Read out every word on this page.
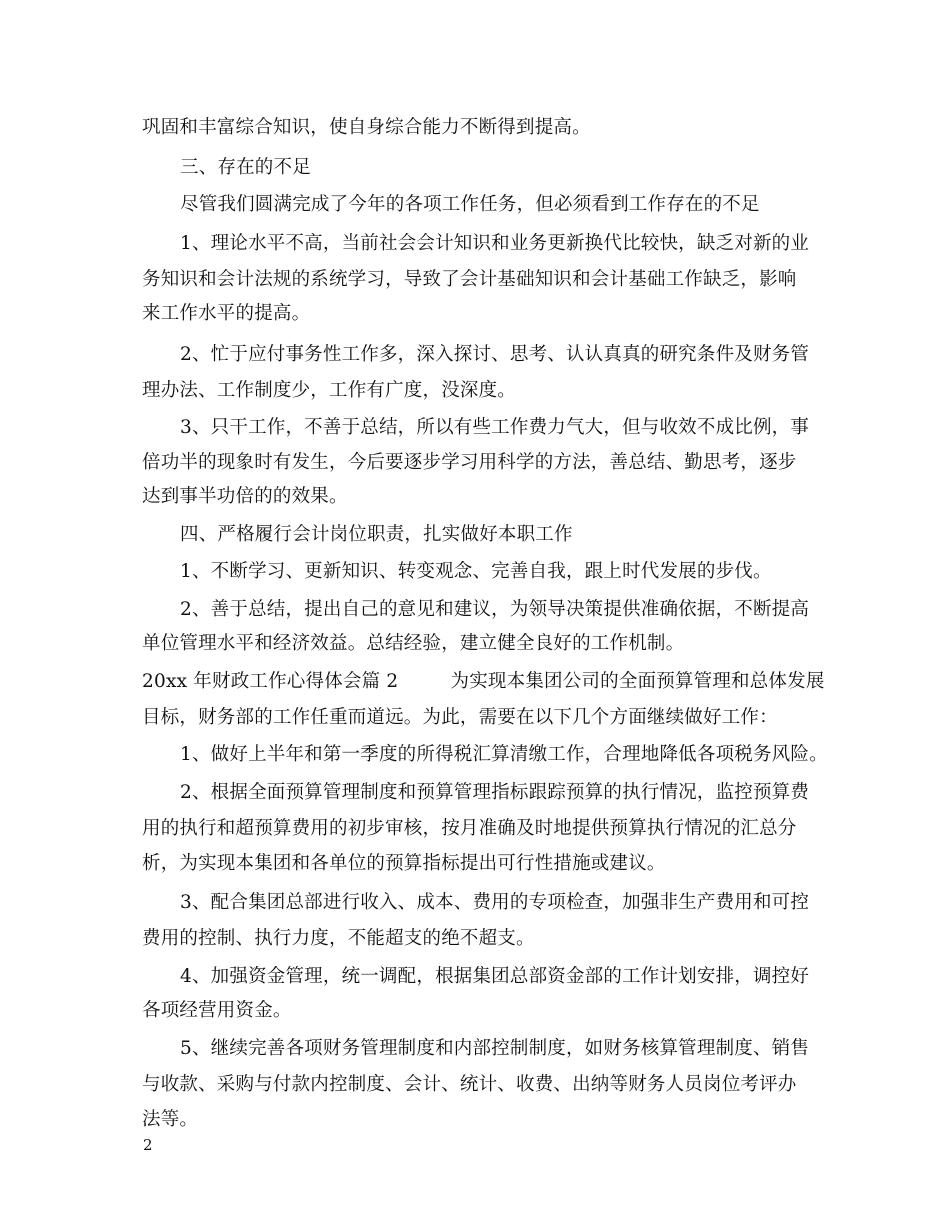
巩固和丰富综合知识，使自身综合能力不断得到提高。
三、存在的不足
尽管我们圆满完成了今年的各项工作任务，但必须看到工作存在的不足
1、理论水平不高，当前社会会计知识和业务更新换代比较快，缺乏对新的业
务知识和会计法规的系统学习，导致了会计基础知识和会计基础工作缺乏，影响
来工作水平的提高。
2、忙于应付事务性工作多，深入探讨、思考、认认真真的研究条件及财务管
理办法、工作制度少，工作有广度，没深度。
3、只干工作，不善于总结，所以有些工作费力气大，但与收效不成比例，事
倍功半的现象时有发生，今后要逐步学习用科学的方法，善总结、勤思考，逐步
达到事半功倍的的效果。
四、严格履行会计岗位职责，扎实做好本职工作
1、不断学习、更新知识、转变观念、完善自我，跟上时代发展的步伐。
2、善于总结，提出自己的意见和建议，为领导决策提供准确依据，不断提高
单位管理水平和经济效益。总结经验，建立健全良好的工作机制。
20xx 年财政工作心得体会篇 2	为实现本集团公司的全面预算管理和总体发展
目标，财务部的工作任重而道远。为此，需要在以下几个方面继续做好工作：
1、做好上半年和第一季度的所得税汇算清缴工作，合理地降低各项税务风险。
2、根据全面预算管理制度和预算管理指标跟踪预算的执行情况，监控预算费
用的执行和超预算费用的初步审核，按月准确及时地提供预算执行情况的汇总分
析，为实现本集团和各单位的预算指标提出可行性措施或建议。
3、配合集团总部进行收入、成本、费用的专项检查，加强非生产费用和可控
费用的控制、执行力度，不能超支的绝不超支。
4、加强资金管理，统一调配，根据集团总部资金部的工作计划安排，调控好
各项经营用资金。
5、继续完善各项财务管理制度和内部控制制度，如财务核算管理制度、销售
与收款、采购与付款内控制度、会计、统计、收费、出纳等财务人员岗位考评办
法等。
2
